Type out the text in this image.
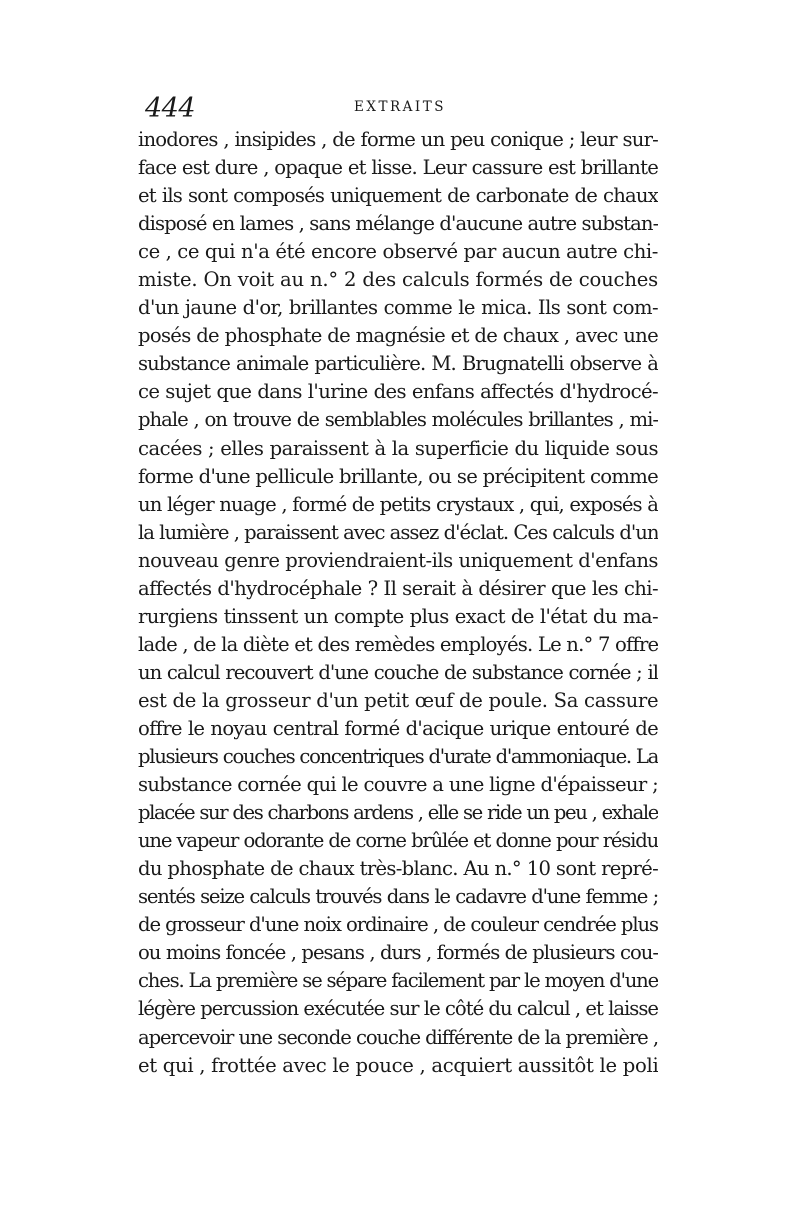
444	EXTRAITS
inodores , insipides , de forme un peu conique ; leur sur-
face est dure , opaque et lisse. Leur cassure est brillante
et ils sont composés uniquement de carbonate de chaux
disposé en lames , sans mélange d'aucune autre substan-
ce , ce qui n'a été encore observé par aucun autre chi-
miste. On voit au n.° 2 des calculs formés de couches
d'un jaune d'or, brillantes comme le mica. Ils sont com-
posés de phosphate de magnésie et de chaux , avec une
substance animale particulière. M. Brugnatelli observe à
ce sujet que dans l'urine des enfans affectés d'hydrocé-
phale , on trouve de semblables molécules brillantes , mi-
cacées ; elles paraissent à la superficie du liquide sous
forme d'une pellicule brillante, ou se précipitent comme
un léger nuage , formé de petits crystaux , qui, exposés à
la lumière , paraissent avec assez d'éclat. Ces calculs d'un
nouveau genre proviendraient-ils uniquement d'enfans
affectés d'hydrocéphale ? Il serait à désirer que les chi-
rurgiens tinssent un compte plus exact de l'état du ma-
lade , de la diète et des remèdes employés. Le n.° 7 offre
un calcul recouvert d'une couche de substance cornée ; il
est de la grosseur d'un petit œuf de poule. Sa cassure
offre le noyau central formé d'acique urique entouré de
plusieurs couches concentriques d'urate d'ammoniaque. La
substance cornée qui le couvre a une ligne d'épaisseur ;
placée sur des charbons ardens , elle se ride un peu , exhale
une vapeur odorante de corne brûlée et donne pour résidu
du phosphate de chaux très-blanc. Au n.° 10 sont repré-
sentés seize calculs trouvés dans le cadavre d'une femme ;
de grosseur d'une noix ordinaire , de couleur cendrée plus
ou moins foncée , pesans , durs , formés de plusieurs cou-
ches. La première se sépare facilement par le moyen d'une
légère percussion exécutée sur le côté du calcul , et laisse
apercevoir une seconde couche différente de la première ,
et qui , frottée avec le pouce , acquiert aussitôt le poli
